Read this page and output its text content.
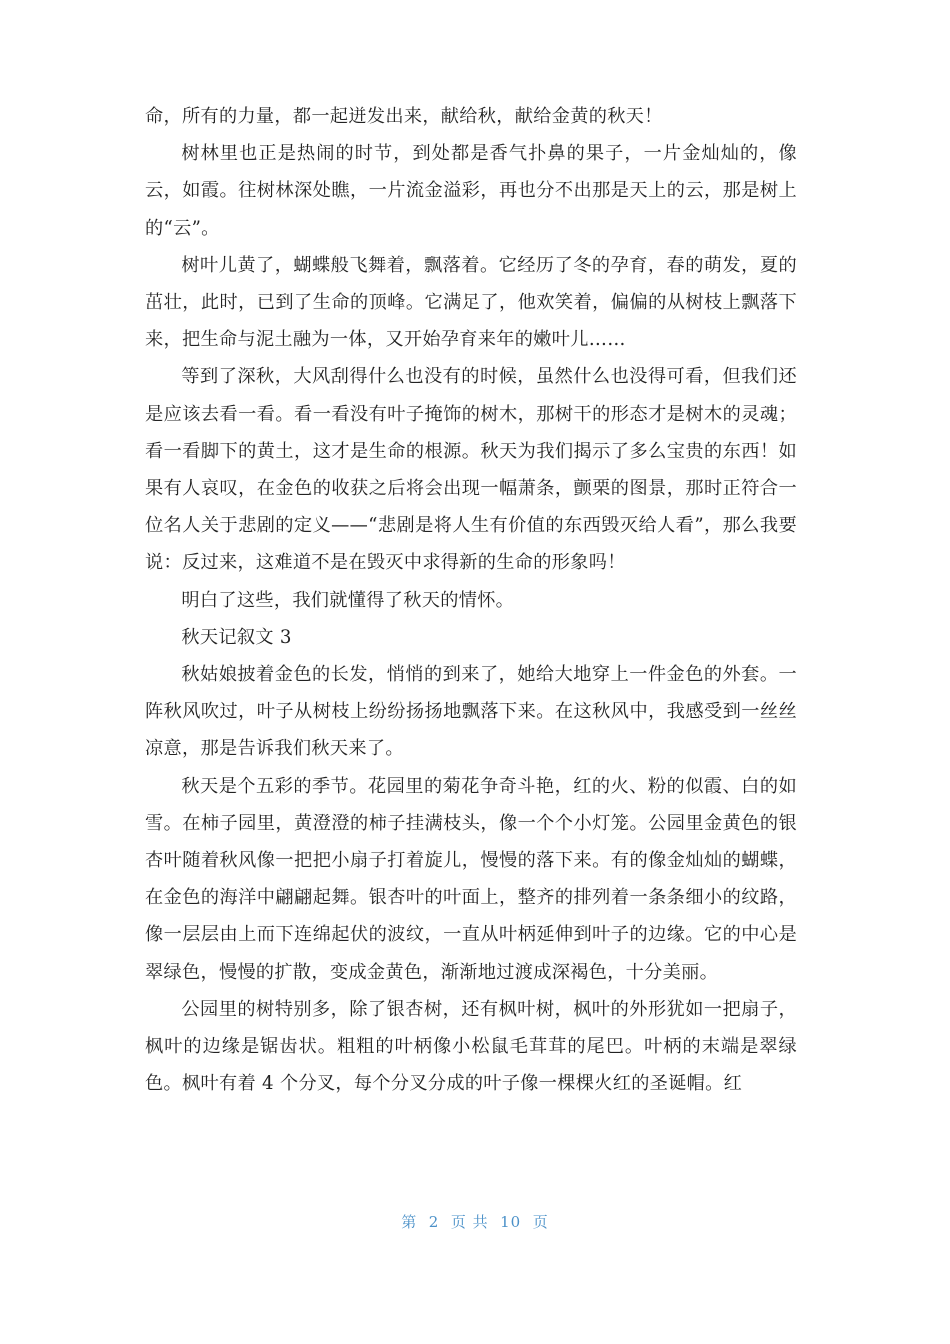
命，所有的力量，都一起迸发出来，献给秋，献给金黄的秋天！

树林里也正是热闹的时节，到处都是香气扑鼻的果子，一片金灿灿的，像云，如霞。往树林深处瞧，一片流金溢彩，再也分不出那是天上的云，那是树上的“云”。

树叶儿黄了，蝴蝶般飞舞着，飘落着。它经历了冬的孕育，春的萌发，夏的茁壮，此时，已到了生命的顶峰。它满足了，他欢笑着，偏偏的从树枝上飘落下来，把生命与泥土融为一体，又开始孕育来年的嫩叶儿……

等到了深秋，大风刮得什么也没有的时候，虽然什么也没得可看，但我们还是应该去看一看。看一看没有叶子掩饰的树木，那树干的形态才是树木的灵魂；看一看脚下的黄土，这才是生命的根源。秋天为我们揭示了多么宝贵的东西！如果有人哀叹，在金色的收获之后将会出现一幅萧条，颤栗的图景，那时正符合一位名人关于悲剧的定义——“悲剧是将人生有价值的东西毁灭给人看”，那么我要说：反过来，这难道不是在毁灭中求得新的生命的形象吗！

明白了这些，我们就懂得了秋天的情怀。

秋天记叙文 3

秋姑娘披着金色的长发，悄悄的到来了，她给大地穿上一件金色的外套。一阵秋风吹过，叶子从树枝上纷纷扬扬地飘落下来。在这秋风中，我感受到一丝丝凉意，那是告诉我们秋天来了。

秋天是个五彩的季节。花园里的菊花争奇斗艳，红的火、粉的似霞、白的如雪。在柿子园里，黄澄澄的柿子挂满枝头，像一个个小灯笼。公园里金黄色的银杏叶随着秋风像一把把小扇子打着旋儿，慢慢的落下来。有的像金灿灿的蝴蝶，在金色的海洋中翩翩起舞。银杏叶的叶面上，整齐的排列着一条条细小的纹路，像一层层由上而下连绵起伏的波纹，一直从叶柄延伸到叶子的边缘。它的中心是翠绿色，慢慢的扩散，变成金黄色，渐渐地过渡成深褐色，十分美丽。

公园里的树特别多，除了银杏树，还有枫叶树，枫叶的外形犹如一把扇子，枫叶的边缘是锯齿状。粗粗的叶柄像小松鼠毛茸茸的尾巴。叶柄的末端是翠绿色。枫叶有着 4 个分叉，每个分叉分成的叶子像一棵棵火红的圣诞帽。红

第  2  页 共  10  页
